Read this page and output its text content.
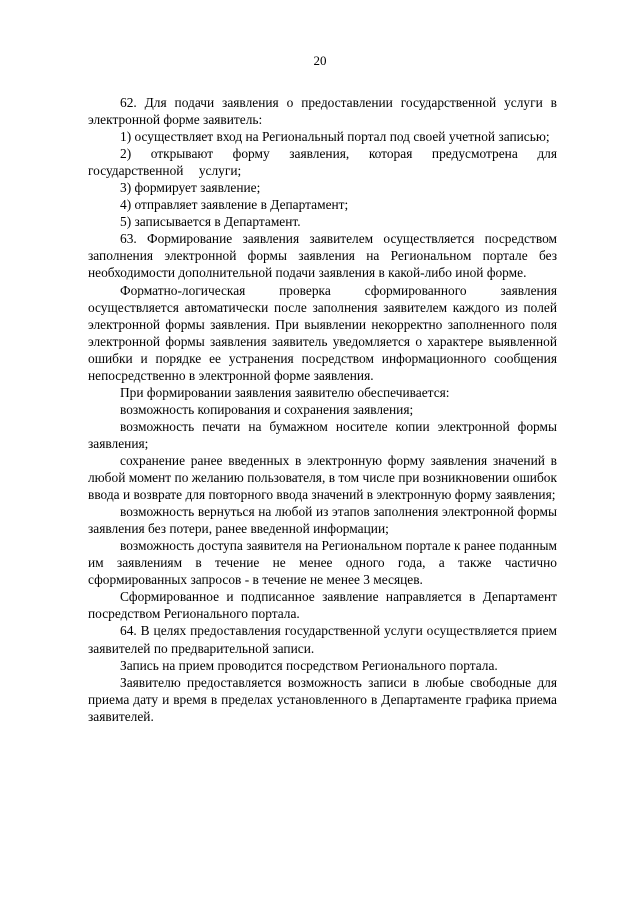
20

62. Для подачи заявления о предоставлении государственной услуги в электронной форме заявитель:

1) осуществляет вход на Региональный портал под своей учетной записью;

2) открывают форму заявления, которая предусмотрена для государственной услуги;

3) формирует заявление;

4) отправляет заявление в Департамент;

5) записывается в Департамент.

63. Формирование заявления заявителем осуществляется посредством заполнения электронной формы заявления на Региональном портале без необходимости дополнительной подачи заявления в какой-либо иной форме.

Форматно-логическая проверка сформированного заявления осуществляется автоматически после заполнения заявителем каждого из полей электронной формы заявления. При выявлении некорректно заполненного поля электронной формы заявления заявитель уведомляется о характере выявленной ошибки и порядке ее устранения посредством информационного сообщения непосредственно в электронной форме заявления.

При формировании заявления заявителю обеспечивается:

возможность копирования и сохранения заявления;

возможность печати на бумажном носителе копии электронной формы заявления;

сохранение ранее введенных в электронную форму заявления значений в любой момент по желанию пользователя, в том числе при возникновении ошибок ввода и возврате для повторного ввода значений в электронную форму заявления;

возможность вернуться на любой из этапов заполнения электронной формы заявления без потери, ранее введенной информации;

возможность доступа заявителя на Региональном портале к ранее поданным им заявлениям в течение не менее одного года, а также частично сформированных запросов - в течение не менее 3 месяцев.

Сформированное и подписанное заявление направляется в Департамент посредством Регионального портала.

64. В целях предоставления государственной услуги осуществляется прием заявителей по предварительной записи.

Запись на прием проводится посредством Регионального портала.

Заявителю предоставляется возможность записи в любые свободные для приема дату и время в пределах установленного в Департаменте графика приема заявителей.
